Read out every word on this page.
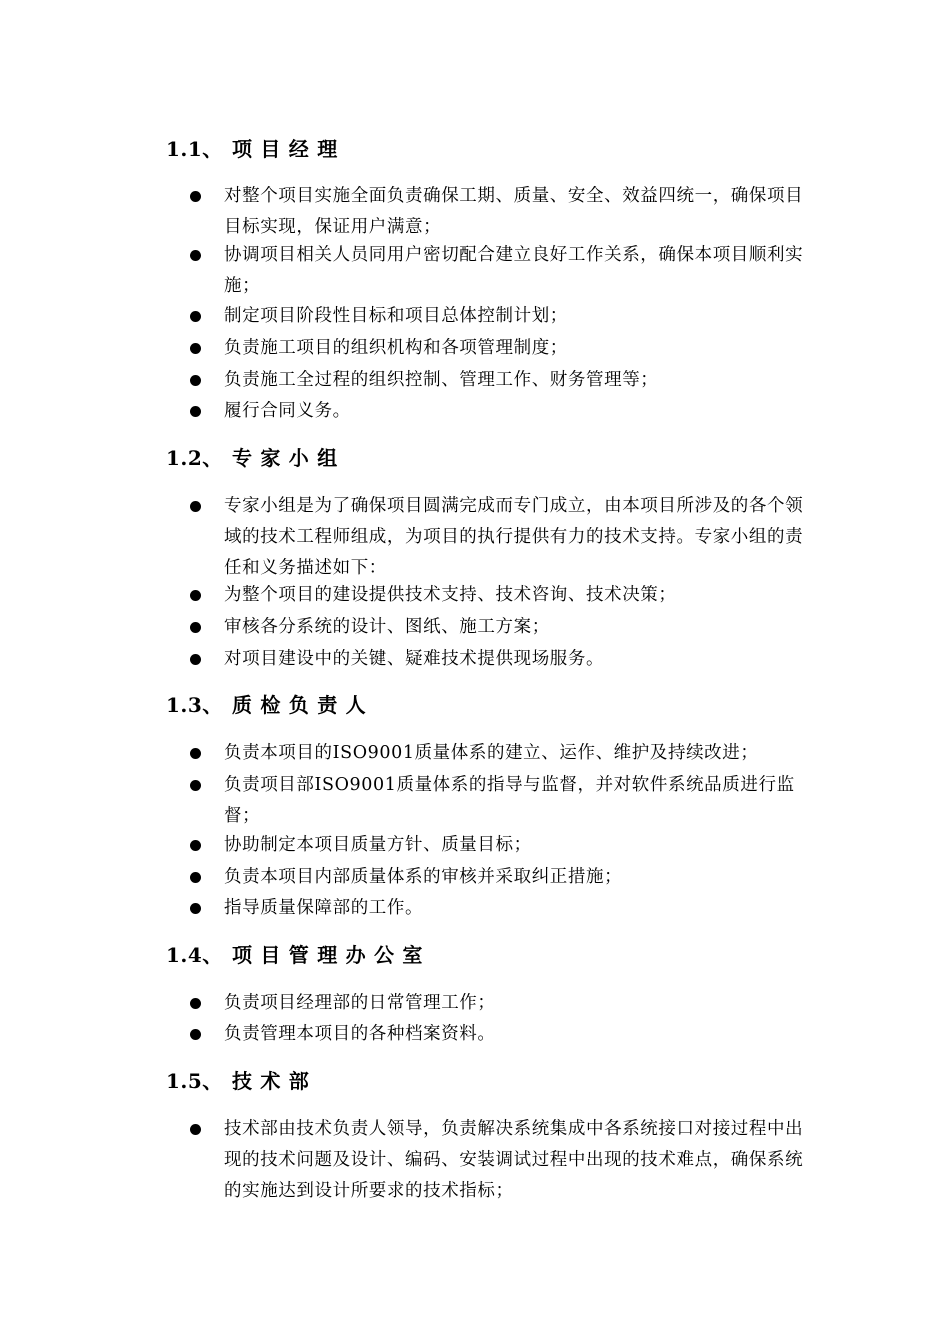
1.1、 项目经理
对整个项目实施全面负责确保工期、质量、安全、效益四统一，确保项目目标实现，保证用户满意；
协调项目相关人员同用户密切配合建立良好工作关系，确保本项目顺利实施；
制定项目阶段性目标和项目总体控制计划；
负责施工项目的组织机构和各项管理制度；
负责施工全过程的组织控制、管理工作、财务管理等；
履行合同义务。
1.2、 专家小组
专家小组是为了确保项目圆满完成而专门成立，由本项目所涉及的各个领域的技术工程师组成，为项目的执行提供有力的技术支持。专家小组的责任和义务描述如下：
为整个项目的建设提供技术支持、技术咨询、技术决策；
审核各分系统的设计、图纸、施工方案；
对项目建设中的关键、疑难技术提供现场服务。
1.3、 质检负责人
负责本项目的ISO9001质量体系的建立、运作、维护及持续改进；
负责项目部ISO9001质量体系的指导与监督，并对软件系统品质进行监督；
协助制定本项目质量方针、质量目标；
负责本项目内部质量体系的审核并采取纠正措施；
指导质量保障部的工作。
1.4、 项目管理办公室
负责项目经理部的日常管理工作；
负责管理本项目的各种档案资料。
1.5、 技术部
技术部由技术负责人领导，负责解决系统集成中各系统接口对接过程中出现的技术问题及设计、编码、安装调试过程中出现的技术难点，确保系统的实施达到设计所要求的技术指标；
